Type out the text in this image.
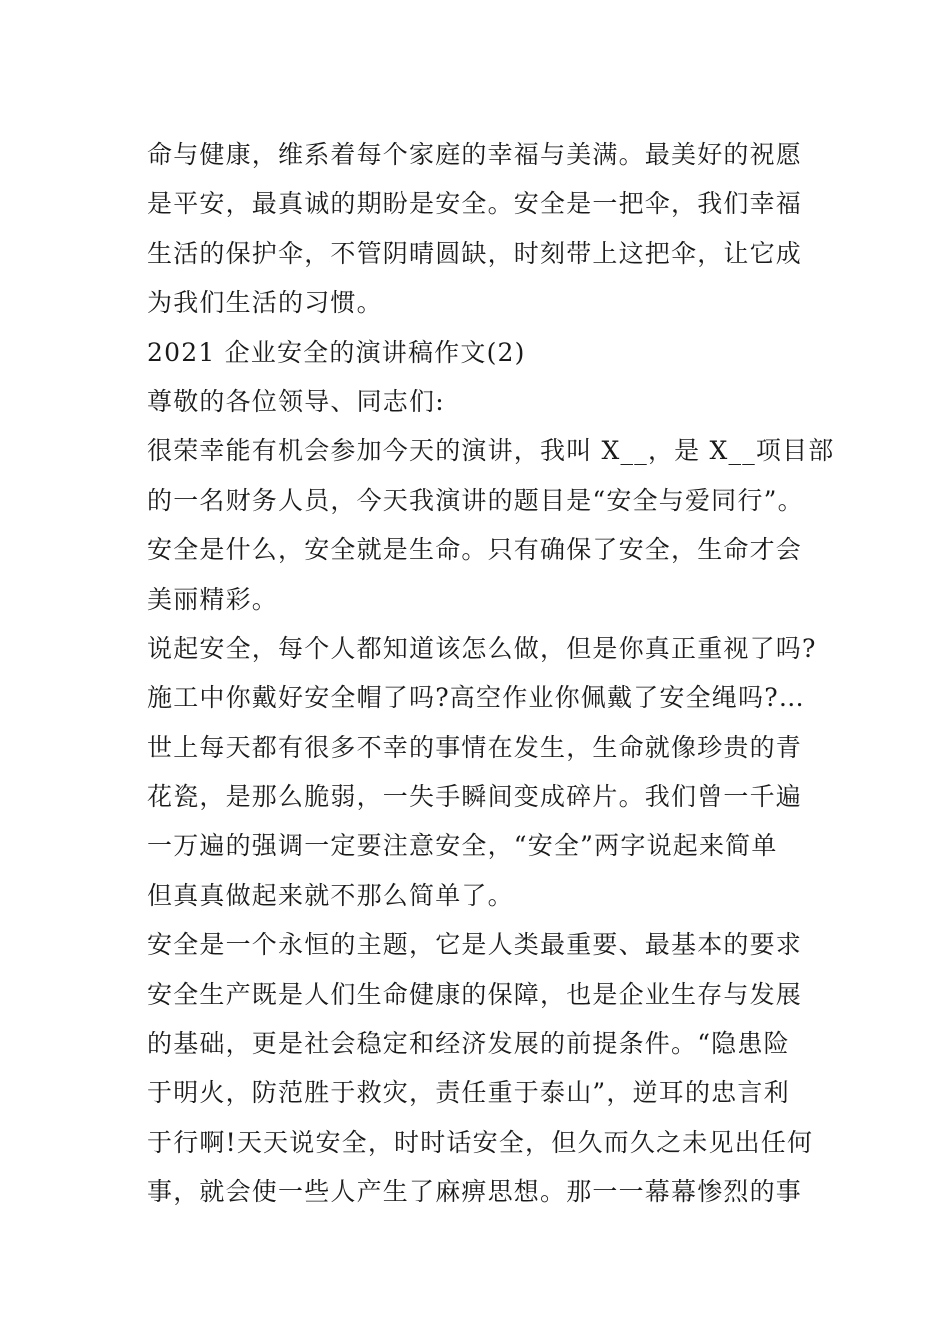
命与健康，维系着每个家庭的幸福与美满。最美好的祝愿
是平安，最真诚的期盼是安全。安全是一把伞，我们幸福
生活的保护伞，不管阴晴圆缺，时刻带上这把伞，让它成
为我们生活的习惯。
2021 企业安全的演讲稿作文(2)
尊敬的各位领导、同志们:
很荣幸能有机会参加今天的演讲，我叫 X__，是 X__项目部
的一名财务人员，今天我演讲的题目是“安全与爱同行”。
安全是什么，安全就是生命。只有确保了安全，生命才会
美丽精彩。
说起安全，每个人都知道该怎么做，但是你真正重视了吗?
施工中你戴好安全帽了吗?高空作业你佩戴了安全绳吗?…
世上每天都有很多不幸的事情在发生，生命就像珍贵的青
花瓷，是那么脆弱，一失手瞬间变成碎片。我们曾一千遍
一万遍的强调一定要注意安全，“安全”两字说起来简单
但真真做起来就不那么简单了。
安全是一个永恒的主题，它是人类最重要、最基本的要求
安全生产既是人们生命健康的保障，也是企业生存与发展
的基础，更是社会稳定和经济发展的前提条件。“隐患险
于明火，防范胜于救灾，责任重于泰山”，逆耳的忠言利
于行啊!天天说安全，时时话安全，但久而久之未见出任何
事，就会使一些人产生了麻痹思想。那一一幕幕惨烈的事
